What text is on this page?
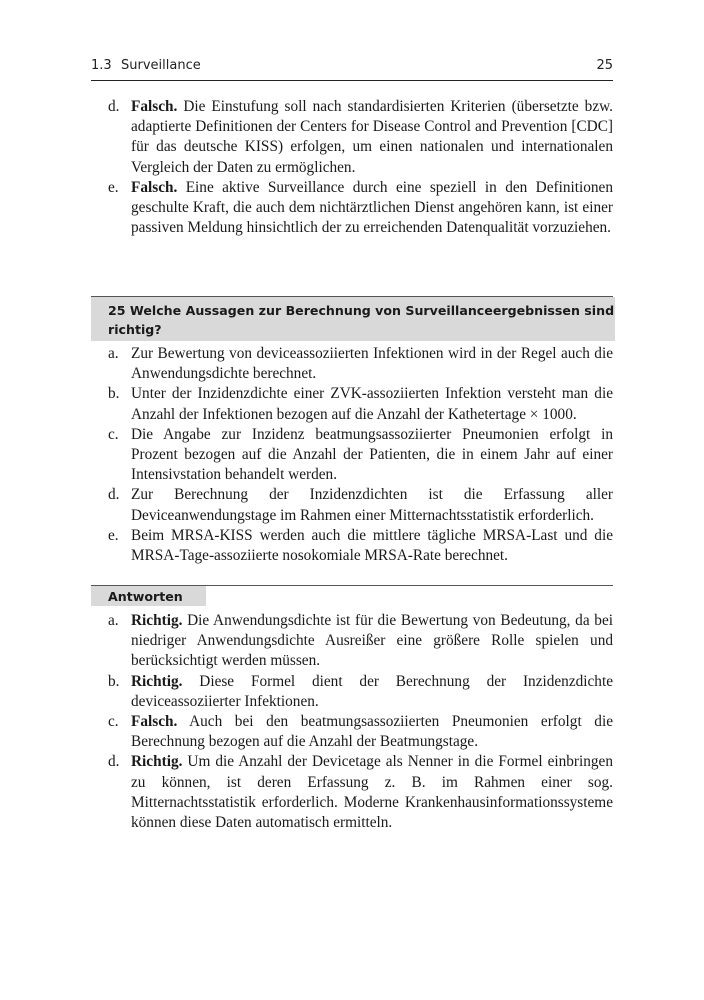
1.3 Surveillance	25
d. Falsch. Die Einstufung soll nach standardisierten Kriterien (übersetzte bzw. adaptierte Definitionen der Centers for Disease Control and Prevention [CDC] für das deutsche KISS) erfolgen, um einen nationalen und internationalen Vergleich der Daten zu ermöglichen.
e. Falsch. Eine aktive Surveillance durch eine speziell in den Definitionen geschulte Kraft, die auch dem nichtärztlichen Dienst angehören kann, ist einer passiven Meldung hinsichtlich der zu erreichenden Datenqualität vorzuziehen.
25 Welche Aussagen zur Berechnung von Surveillanceergebnissen sind richtig?
a. Zur Bewertung von deviceassoziierten Infektionen wird in der Regel auch die Anwendungsdichte berechnet.
b. Unter der Inzidenzdichte einer ZVK-assoziierten Infektion versteht man die Anzahl der Infektionen bezogen auf die Anzahl der Kathetertage × 1000.
c. Die Angabe zur Inzidenz beatmungsassoziierter Pneumonien erfolgt in Prozent bezogen auf die Anzahl der Patienten, die in einem Jahr auf einer Intensivstation behandelt werden.
d. Zur Berechnung der Inzidenzdichten ist die Erfassung aller Deviceanwendungstage im Rahmen einer Mitternachtsstatistik erforderlich.
e. Beim MRSA-KISS werden auch die mittlere tägliche MRSA-Last und die MRSA-Tage-assoziierte nosokomiale MRSA-Rate berechnet.
Antworten
a. Richtig. Die Anwendungsdichte ist für die Bewertung von Bedeutung, da bei niedriger Anwendungsdichte Ausreißer eine größere Rolle spielen und berücksichtigt werden müssen.
b. Richtig. Diese Formel dient der Berechnung der Inzidenzdichte deviceassoziierter Infektionen.
c. Falsch. Auch bei den beatmungsassoziierten Pneumonien erfolgt die Berechnung bezogen auf die Anzahl der Beatmungstage.
d. Richtig. Um die Anzahl der Devicetage als Nenner in die Formel einbringen zu können, ist deren Erfassung z. B. im Rahmen einer sog. Mitternachtsstatistik erforderlich. Moderne Krankenhausinformationssysteme können diese Daten automatisch ermitteln.
